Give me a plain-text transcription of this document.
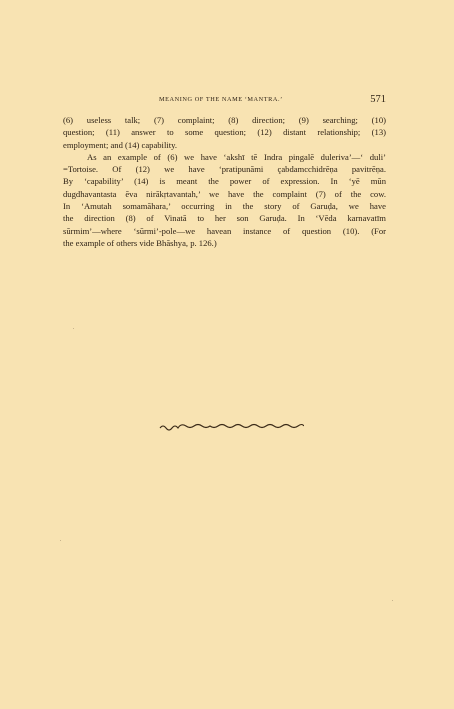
MEANING OF THE NAME ‘MANTRA.’	571
(6) useless talk; (7) complaint; (8) direction; (9) searching; (10)
question; (11) answer to some question; (12) distant relationship; (13)
employment; and (14) capability.
As an example of (6) we have ‘akshī tē Indra pingalē duleriva’—‘ duli’
=Tortoise. Of (12) we have ‘pratipunāmi çabdamcchidrēṇa pavitrēṇa.
By ‘capability’ (14) is meant the power of expression. In ‘yē mūn
dugdhavantasta ēva nirākṛtavantah,’ we have the complaint (7) of the cow.
In ‘Amutah somamāhara,’ occurring in the story of Garuḍa, we have
the direction (8) of Vinatā to her son Garuḍa. In ‘Vēda karnavatīm
sūrmim’—where ‘sūrmi’-pole—we havean instance of question (10). (For
the example of others vide Bhāshya, p. 126.)
